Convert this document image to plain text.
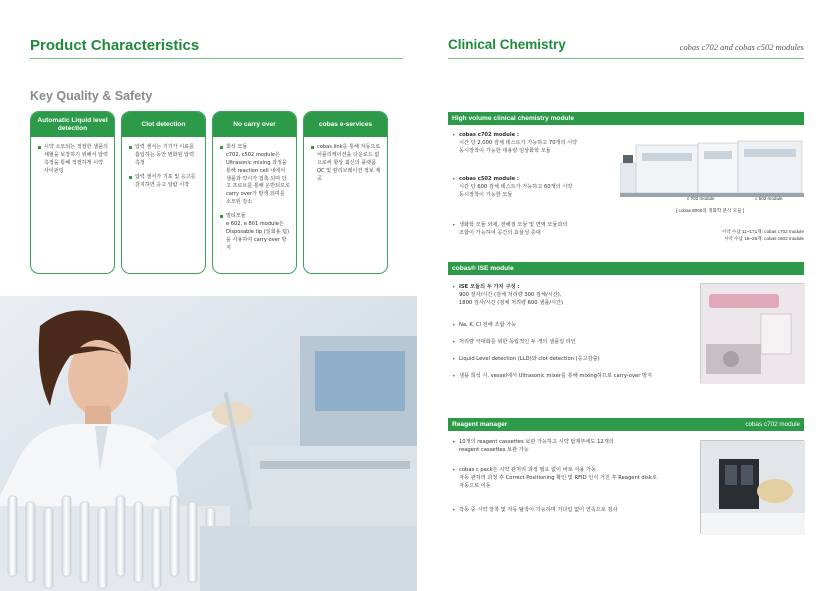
Product Characteristics
Key Quality & Safety
Automatic Liquid level detection
시약 소모되는 적절한 샘플의 채혈을 보장하기 위해서 압력 측정을 통해 적절하게 시약 사이펀링
Clot detection
압력 센서는 기기가 시료를 흡입하는 동안 변화된 압력 측정
압력 센서가 기포 및 응고를 감지하면 응고 알람 시작
No carry over
희석 모듈
c702, c502 module은 Ultrasonic mixing 과정을 통해 reaction cell 내에서 샘플과 약시가 접촉 되며 당 고 프로브를 통해 운반되므로 carry over가 발생 되며를 소모된 감소
멀티모듈
e 602, e 801 module은 Disposable tip (일회용 팁)을 사용하여 carry over 방지
cobas e-services
cobas link를 통해 자동으로 어플리케이션을 다운로드 없으로써 항상 최신의 플랫폼 QC 및 칼리브레이션 정보 제공
Clinical Chemistry	cobas c702 and cobas c502 modules
High volume clinical chemistry module
• cobas c702 module :
시간 당 2,000 검체 테스트가 가능하고 70개의 시약
동시장착이 가능한 대용량 임상화학 모듈
• cobas c502 module :
시간 당 600 검체 테스트가 가능하고 60개의 시약
동시장착이 가능한 모듈
• 생화학 모듈 외에, 전해질 모듈 및 면역 모듈과의
조합이 가능하여 공간의 효율성 증대
c 702 module	c 502 module
[ cobas 8000의 생화학 분석 모듈 ]
시약 수납 11~171개: cobas c702 module
시약 수납 16~28개: cobas c502 module
cobas® ISE module
• ISE 모듈의 두 가지 구성 :
900 검사/시간 (검체 처리량 300 검체/시간),
1800 검사/시간 (검체 처리량 600 샘플/시간)
• Na, K, Cl 전해 조합 가능
• 처리량 극대화를 위한 독립적인 두 개의 샘플링 라인
• Liquid Level detection (LLD)와 clot detection (응고감출)
• 샘플 희석 시, vessel에서 Ultrasonic mixer를 통해 mixing하므로 carry-over 방지
Reagent manager	cobas c702 module
• 10개의 reagent cassettes 보관 가능하고 시약 탑재부에도 12개의
reagent cassettes 보관 가능
• cobas c pack은 시약 관처리 과정 필요 없이 바로 사용 가능
자동 관처리 과정 후 Correct Positioning 확인 및 RFID 인식 거친 후 Reagent disk로
자동으로 이동
• 작동 중 시약 장착 및 자동 탈착이 가능하며 기다림 없이 연속으로 검사
